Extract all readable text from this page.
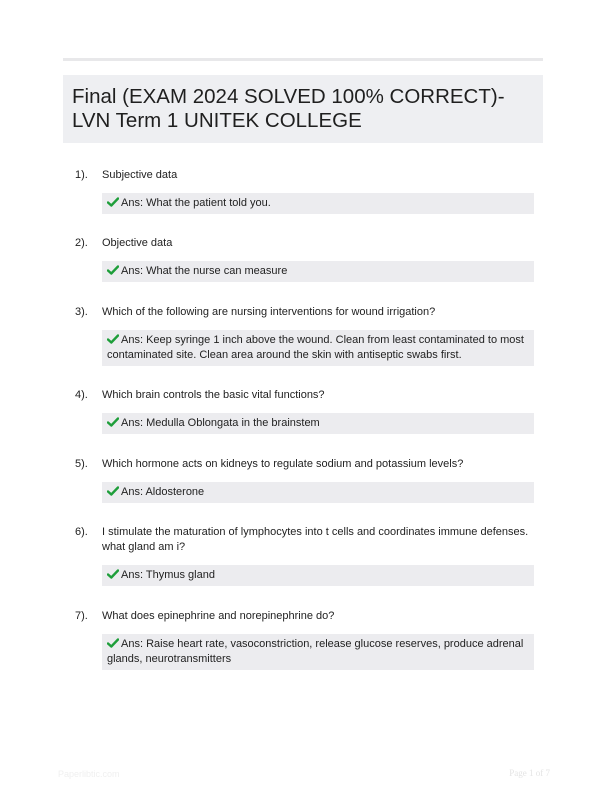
Final (EXAM 2024 SOLVED 100% CORRECT)- LVN Term 1 UNITEK COLLEGE
1). Subjective data
Ans: What the patient told you.
2). Objective data
Ans: What the nurse can measure
3). Which of the following are nursing interventions for wound irrigation?
Ans: Keep syringe 1 inch above the wound. Clean from least contaminated to most contaminated site. Clean area around the skin with antiseptic swabs first.
4). Which brain controls the basic vital functions?
Ans: Medulla Oblongata in the brainstem
5). Which hormone acts on kidneys to regulate sodium and potassium levels?
Ans: Aldosterone
6). I stimulate the maturation of lymphocytes into t cells and coordinates immune defenses. what gland am i?
Ans: Thymus gland
7). What does epinephrine and norepinephrine do?
Ans: Raise heart rate, vasoconstriction, release glucose reserves, produce adrenal glands, neurotransmitters
Paperlibtic.com	Page 1 of 7
